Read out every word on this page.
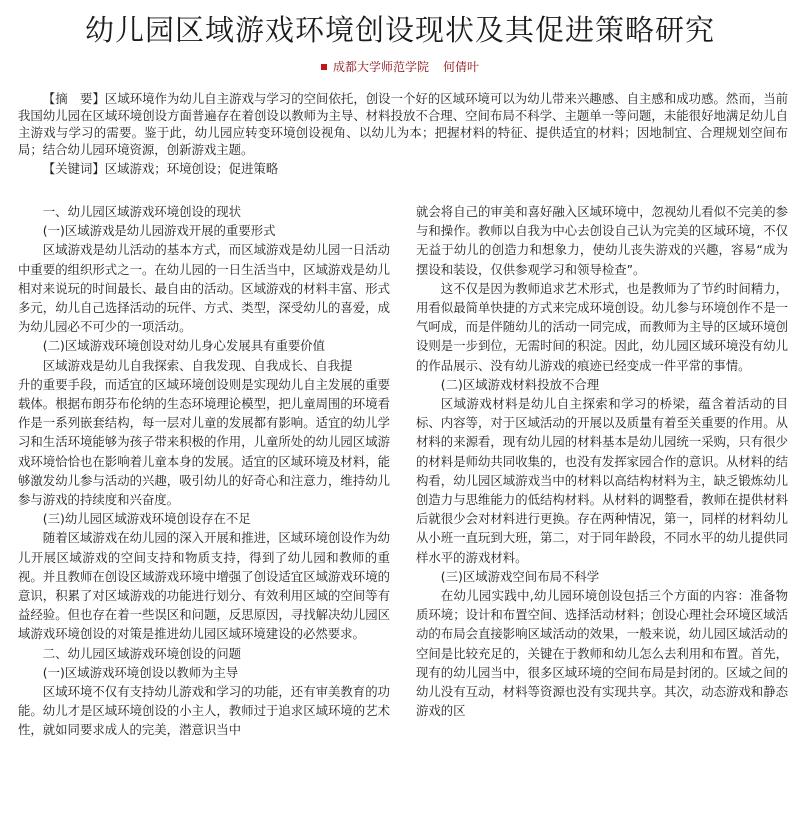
幼儿园区域游戏环境创设现状及其促进策略研究
成都大学师范学院 何倩叶

【摘　要】区域环境作为幼儿自主游戏与学习的空间依托，创设一个好的区域环境可以为幼儿带来兴趣感、自主感和成功感。然而，当前我国幼儿园在区域环境创设方面普遍存在着创设以教师为主导、材料投放不合理、空间布局不科学、主题单一等问题，未能很好地满足幼儿自主游戏与学习的需要。鉴于此，幼儿园应转变环境创设视角、以幼儿为本；把握材料的特征、提供适宜的材料；因地制宜、合理规划空间布局；结合幼儿园环境资源，创新游戏主题。

【关键词】区域游戏；环境创设；促进策略

一、幼儿园区域游戏环境创设的现状

(一)区域游戏是幼儿园游戏开展的重要形式

区域游戏是幼儿活动的基本方式，而区域游戏是幼儿园一日活动中重要的组织形式之一。在幼儿园的一日生活当中，区域游戏是幼儿相对来说玩的时间最长、最自由的活动。区域游戏的材料丰富、形式多元，幼儿自己选择活动的玩伴、方式、类型，深受幼儿的喜爱，成为幼儿园必不可少的一项活动。

(二)区域游戏环境创设对幼儿身心发展具有重要价值

区域游戏是幼儿自我探索、自我发现、自我成长、自我提

升的重要手段，而适宜的区域环境创设则是实现幼儿自主发展的重要载体。根据布朗芬布伦纳的生态环境理论模型，把儿童周围的环境看作是一系列嵌套结构，每一层对儿童的发展都有影响。适宜的幼儿学习和生活环境能够为孩子带来积极的作用，儿童所处的幼儿园区域游戏环境恰恰也在影响着儿童本身的发展。适宜的区域环境及材料，能够激发幼儿参与活动的兴趣，吸引幼儿的好奇心和注意力，维持幼儿参与游戏的持续度和兴奋度。

(三)幼儿园区域游戏环境创设存在不足

随着区域游戏在幼儿园的深入开展和推进，区域环境创设作为幼儿开展区域游戏的空间支持和物质支持，得到了幼儿园和教师的重视。并且教师在创设区域游戏环境中增强了创设适宜区域游戏环境的意识，积累了对区域游戏的功能进行划分、有效利用区域的空间等有益经验。但也存在着一些误区和问题，反思原因，寻找解决幼儿园区域游戏环境创设的对策是推进幼儿园区域环境建设的必然要求。

二、幼儿园区域游戏环境创设的问题

(一)区域游戏环境创设以教师为主导

区域环境不仅有支持幼儿游戏和学习的功能，还有审美教育的功能。幼儿才是区域环境创设的小主人，教师过于追求区域环境的艺术性，就如同要求成人的完美，潜意识当中

就会将自己的审美和喜好融入区域环境中，忽视幼儿看似不完美的参与和操作。教师以自我为中心去创设自己认为完美的区域环境，不仅无益于幼儿的创造力和想象力，使幼儿丧失游戏的兴趣，容易“成为摆设和装设，仅供参观学习和领导检查”。

这不仅是因为教师追求艺术形式，也是教师为了节约时间精力，用看似最简单快捷的方式来完成环境创设。幼儿参与环境创作不是一气呵成，而是伴随幼儿的活动一同完成，而教师为主导的区域环境创设则是一步到位，无需时间的积淀。因此，幼儿园区域环境没有幼儿的作品展示、没有幼儿游戏的痕迹已经变成一件平常的事情。

(二)区域游戏材料投放不合理

区域游戏材料是幼儿自主探索和学习的桥梁，蕴含着活动的目标、内容等，对于区域活动的开展以及质量有着至关重要的作用。从材料的来源看，现有幼儿园的材料基本是幼儿园统一采购，只有很少的材料是师幼共同收集的，也没有发挥家园合作的意识。从材料的结构看，幼儿园区域游戏当中的材料以高结构材料为主，缺乏锻炼幼儿创造力与思维能力的低结构材料。从材料的调整看，教师在提供材料后就很少会对材料进行更换。存在两种情况，第一，同样的材料幼儿从小班一直玩到大班，第二，对于同年龄段，不同水平的幼儿提供同样水平的游戏材料。

(三)区域游戏空间布局不科学

在幼儿园实践中,幼儿园环境创设包括三个方面的内容：准备物质环境；设计和布置空间、选择活动材料；创设心理社会环境区域活动的布局会直接影响区域活动的效果，一般来说，幼儿园区域活动的空间是比较充足的，关键在于教师和幼儿怎么去利用和布置。首先，现有的幼儿园当中，很多区域环境的空间布局是封闭的。区域之间的幼儿没有互动，材料等资源也没有实现共享。其次，动态游戏和静态游戏的区
